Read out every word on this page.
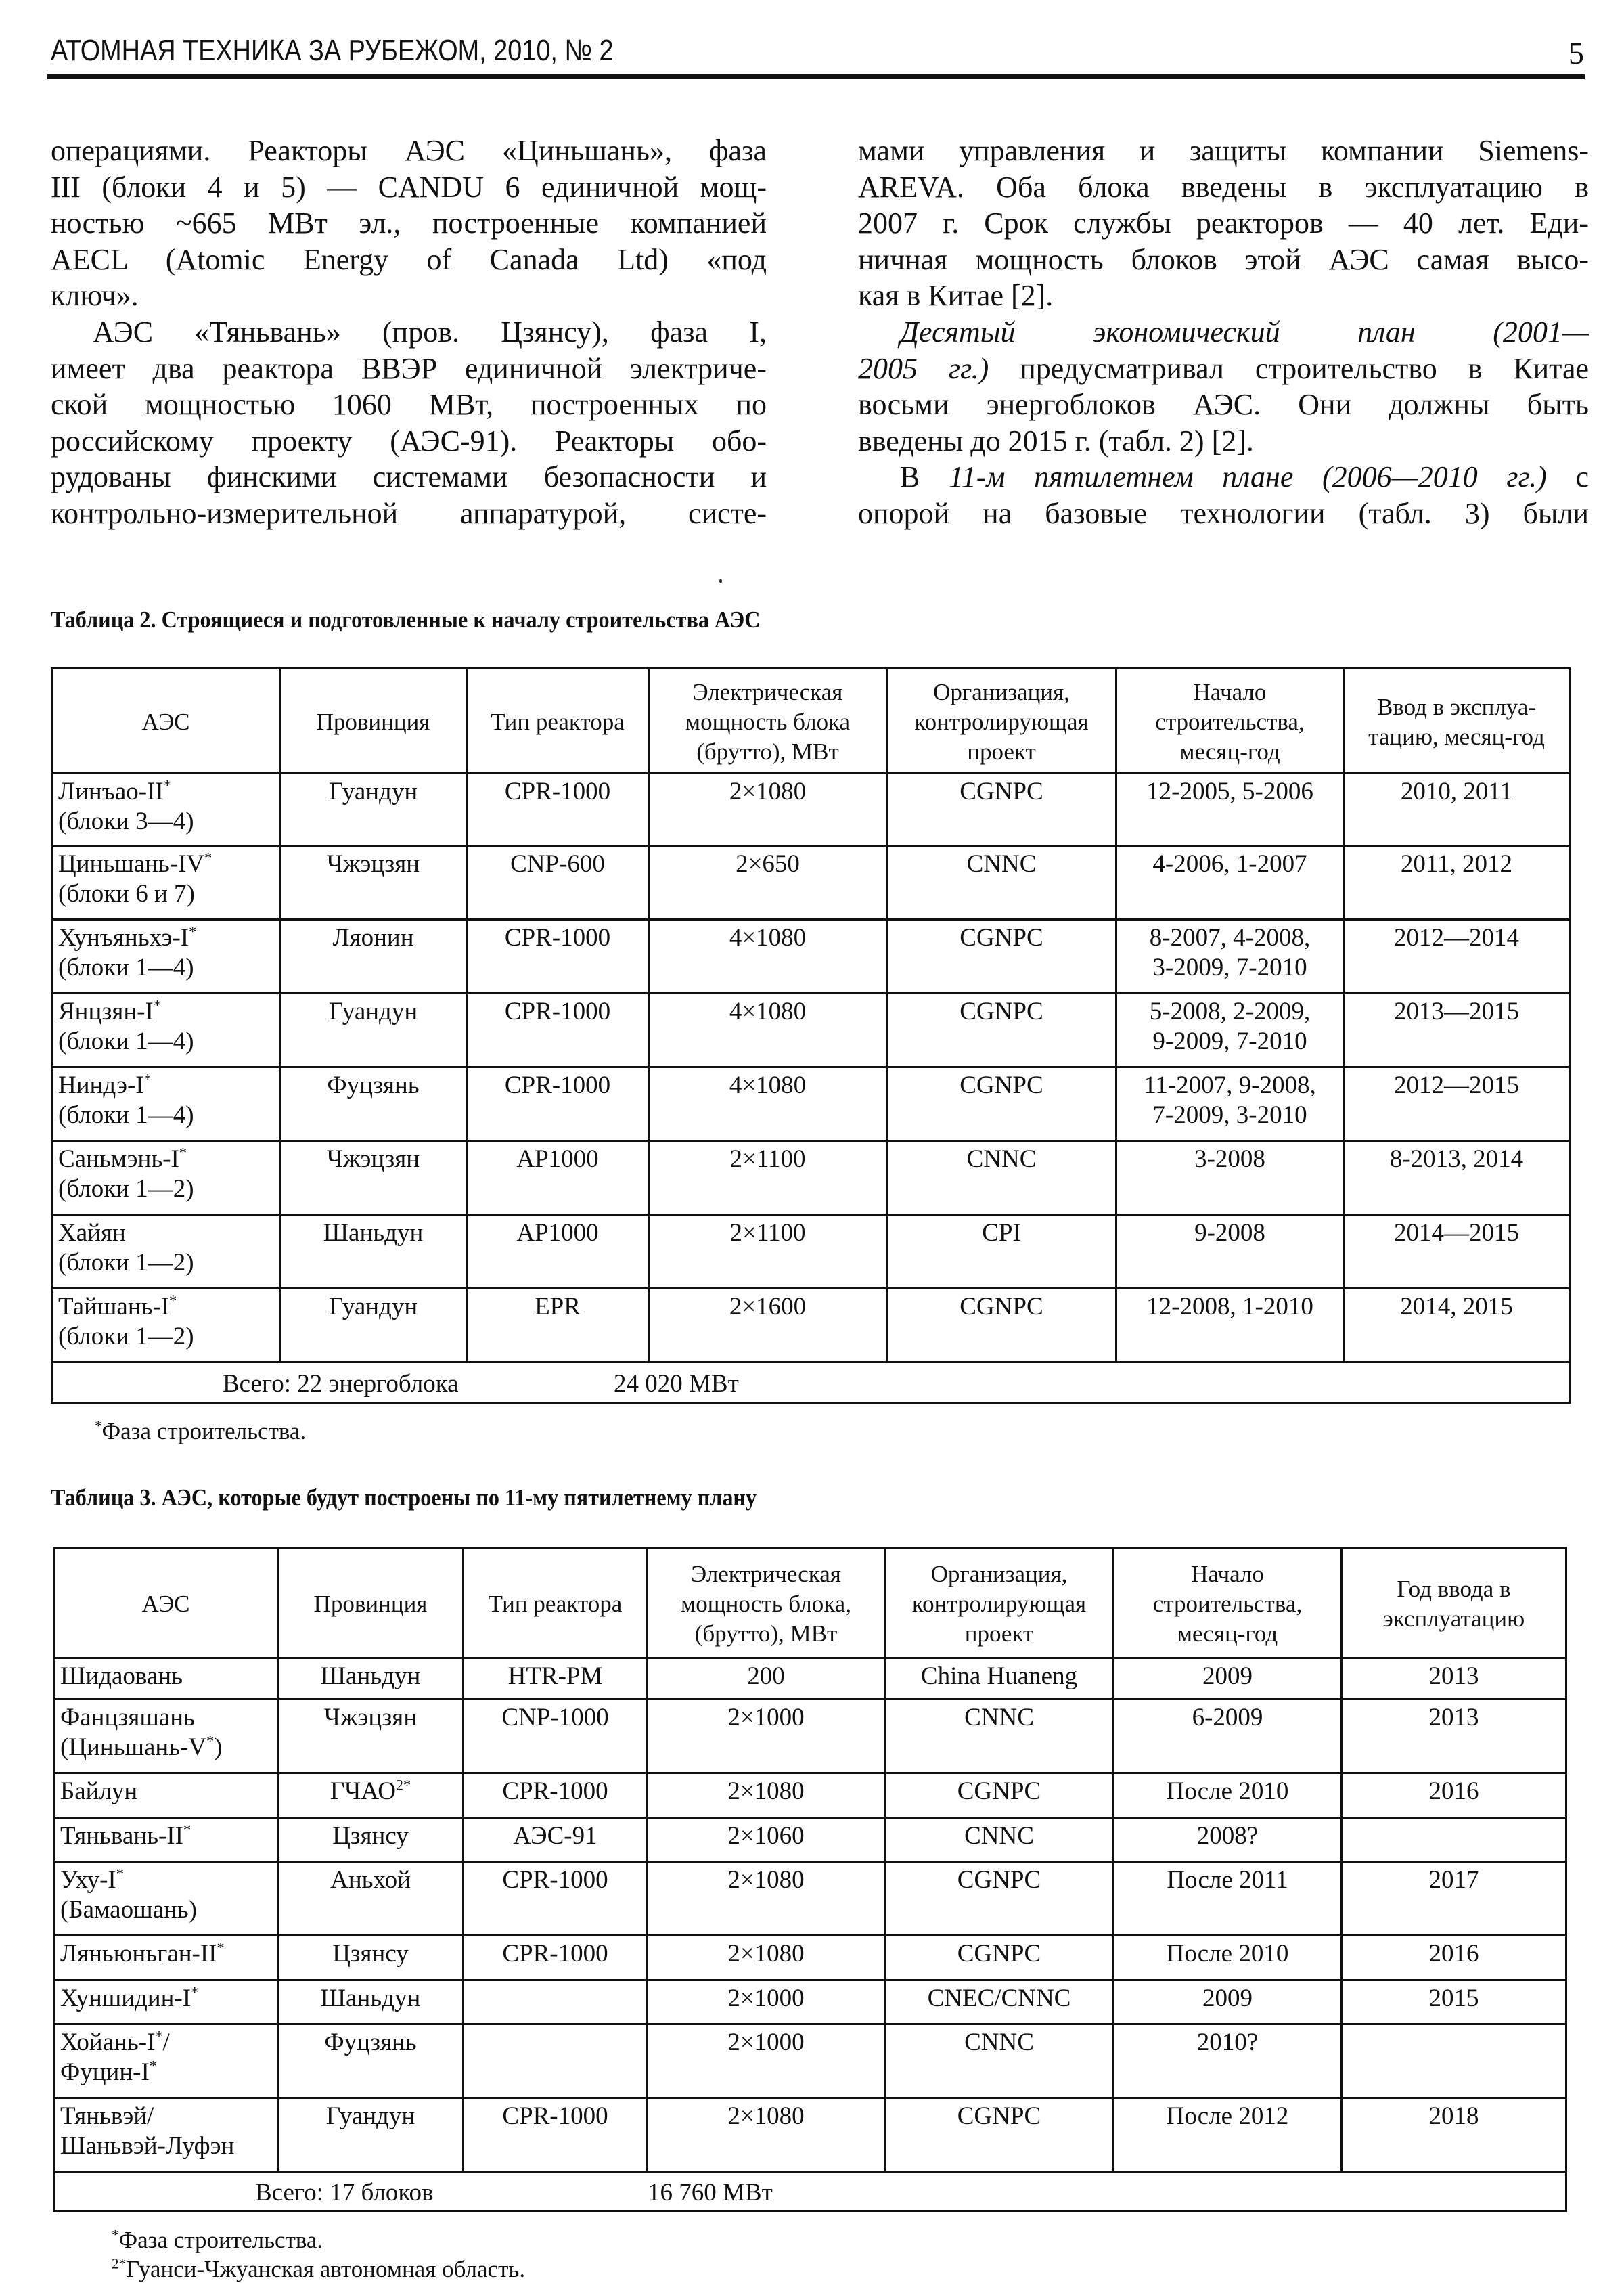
АТОМНАЯ ТЕХНИКА ЗА РУБЕЖОМ, 2010, № 2	5
операциями. Реакторы АЭС «Циньшань», фаза
III (блоки 4 и 5) — CANDU 6 единичной мощ-
ностью ~665 МВт эл., построенные компанией
AECL (Atomic Energy of Canada Ltd) «под
ключ».
АЭС «Тяньвань» (пров. Цзянсу), фаза I,
имеет два реактора ВВЭР единичной электриче-
ской мощностью 1060 МВт, построенных по
российскому проекту (АЭС-91). Реакторы обо-
рудованы финскими системами безопасности и
контрольно-измерительной аппаратурой, систе-
мами управления и защиты компании Siemens-
AREVA. Оба блока введены в эксплуатацию в
2007 г. Срок службы реакторов — 40 лет. Еди-
ничная мощность блоков этой АЭС самая высо-
кая в Китае [2].
Десятый экономический план (2001—
2005 гг.) предусматривал строительство в Китае
восьми энергоблоков АЭС. Они должны быть
введены до 2015 г. (табл. 2) [2].
В 11-м пятилетнем плане (2006—2010 гг.) с
опорой на базовые технологии (табл. 3) были
Таблица 2. Строящиеся и подготовленные к началу строительства АЭС
АЭС	Провинция	Тип реактора	Электрическая мощность блока (брутто), МВт	Организация, контролирующая проект	Начало строительства, месяц-год	Ввод в эксплуа-тацию, месяц-год
Линъао-II*
(блоки 3—4)	Гуандун	CPR-1000	2×1080	CGNPC	12-2005, 5-2006	2010, 2011
Циньшань-IV*
(блоки 6 и 7)	Чжэцзян	CNP-600	2×650	CNNC	4-2006, 1-2007	2011, 2012
Хунъяньхэ-I*
(блоки 1—4)	Ляонин	CPR-1000	4×1080	CGNPC	8-2007, 4-2008,
3-2009, 7-2010	2012—2014
Янцзян-I*
(блоки 1—4)	Гуандун	CPR-1000	4×1080	CGNPC	5-2008, 2-2009,
9-2009, 7-2010	2013—2015
Ниндэ-I*
(блоки 1—4)	Фуцзянь	CPR-1000	4×1080	CGNPC	11-2007, 9-2008,
7-2009, 3-2010	2012—2015
Саньмэнь-I*
(блоки 1—2)	Чжэцзян	AP1000	2×1100	CNNC	3-2008	8-2013, 2014
Хайян
(блоки 1—2)	Шаньдун	AP1000	2×1100	CPI	9-2008	2014—2015
Тайшань-I*
(блоки 1—2)	Гуандун	EPR	2×1600	CGNPC	12-2008, 1-2010	2014, 2015
Всего: 22 энергоблока 24 020 МВт						
*Фаза строительства.
Таблица 3. АЭС, которые будут построены по 11-му пятилетнему плану
АЭС	Провинция	Тип реактора	Электрическая мощность блока, (брутто), МВт	Организация, контролирующая проект	Начало строительства, месяц-год	Год ввода в эксплуатацию
Шидаовань	Шаньдун	HTR-PM	200	China Huaneng	2009	2013
Фанцзяшань
(Циньшань-V*)	Чжэцзян	CNP-1000	2×1000	CNNC	6-2009	2013
Байлун	$ГЧАО^{2*}$	CPR-1000	2×1080	CGNPC	После 2010	2016
Тяньвань-II*	Цзянсу	АЭС-91	2×1060	CNNC	2008?	
Уху-I*
(Бамаошань)	Аньхой	CPR-1000	2×1080	CGNPC	После 2011	2017
Ляньюньган-II*	Цзянсу	CPR-1000	2×1080	CGNPC	После 2010	2016
Хуншидин-I*	Шаньдун		2×1000	CNEC/CNNC	2009	2015
Хойань-I*/
Фуцин-I*	Фуцзянь		2×1000	CNNC	2010?	
Тяньвэй/
Шаньвэй-Луфэн	Гуандун	CPR-1000	2×1080	CGNPC	После 2012	2018
Всего: 17 блоков 16 760 МВт						
*Фаза строительства.
$^{2*}$Гуанси-Чжуанская автономная область.
